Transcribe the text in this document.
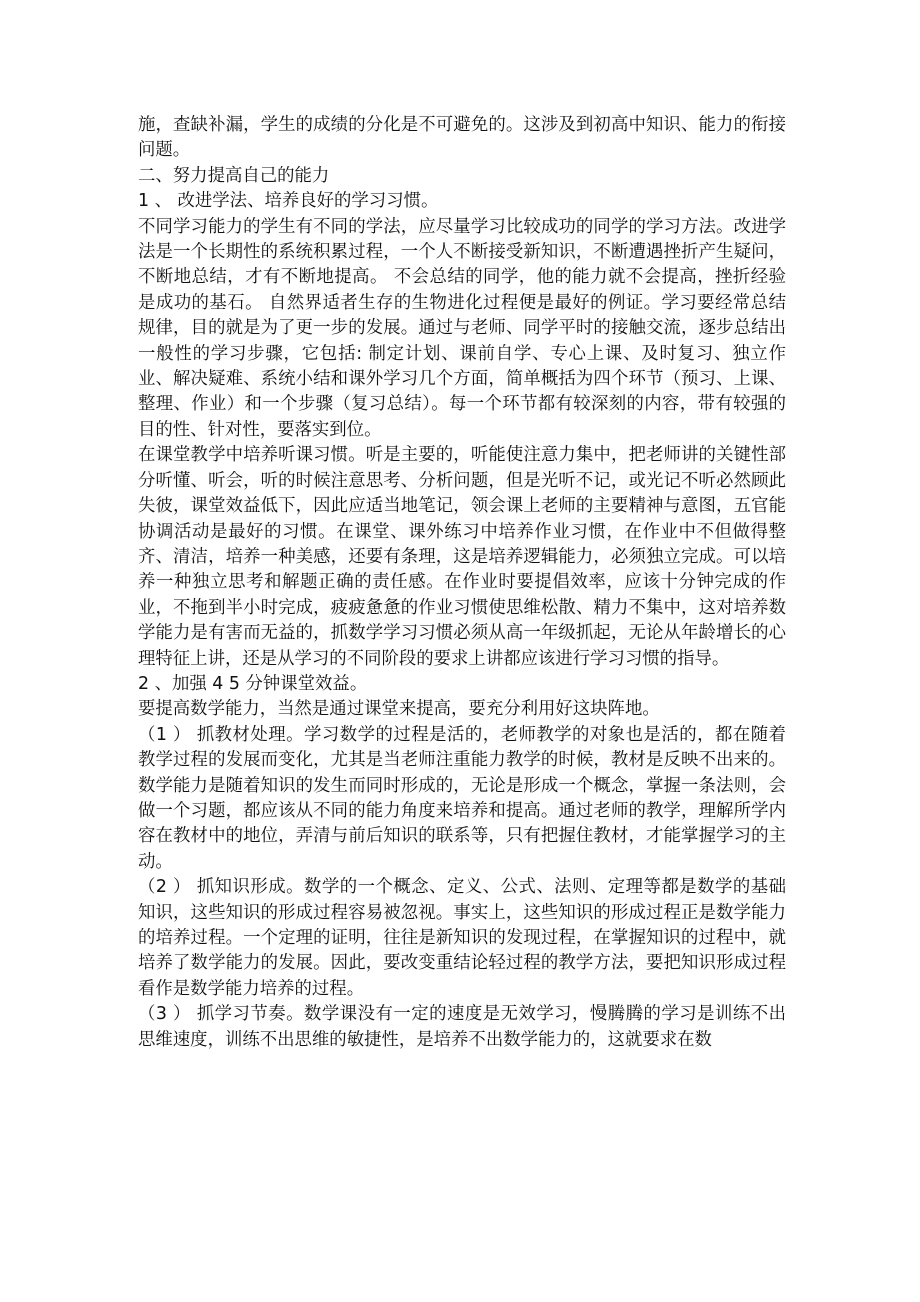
施，查缺补漏，学生的成绩的分化是不可避免的。这涉及到初高中知识、能力的衔接问题。

二、努力提高自己的能力

1 、 改进学法、培养良好的学习习惯。

不同学习能力的学生有不同的学法，应尽量学习比较成功的同学的学习方法。改进学法是一个长期性的系统积累过程，一个人不断接受新知识，不断遭遇挫折产生疑问，不断地总结，才有不断地提高。 不会总结的同学，他的能力就不会提高，挫折经验是成功的基石。 自然界适者生存的生物进化过程便是最好的例证。学习要经常总结规律，目的就是为了更一步的发展。通过与老师、同学平时的接触交流，逐步总结出一般性的学习步骤，它包括: 制定计划、课前自学、专心上课、及时复习、独立作业、解决疑难、系统小结和课外学习几个方面，简单概括为四个环节（预习、上课、整理、作业）和一个步骤（复习总结）。每一个环节都有较深刻的内容，带有较强的目的性、针对性，要落实到位。

在课堂教学中培养听课习惯。听是主要的，听能使注意力集中，把老师讲的关键性部分听懂、听会，听的时候注意思考、分析问题，但是光听不记，或光记不听必然顾此失彼，课堂效益低下，因此应适当地笔记，领会课上老师的主要精神与意图，五官能协调活动是最好的习惯。在课堂、课外练习中培养作业习惯，在作业中不但做得整齐、清洁，培养一种美感，还要有条理，这是培养逻辑能力，必须独立完成。可以培养一种独立思考和解题正确的责任感。在作业时要提倡效率，应该十分钟完成的作业，不拖到半小时完成，疲疲惫惫的作业习惯使思维松散、精力不集中，这对培养数学能力是有害而无益的，抓数学学习习惯必须从高一年级抓起，无论从年龄增长的心理特征上讲，还是从学习的不同阶段的要求上讲都应该进行学习习惯的指导。

2 、加强 4 5 分钟课堂效益。

要提高数学能力，当然是通过课堂来提高，要充分利用好这块阵地。

（1 ） 抓教材处理。学习数学的过程是活的，老师教学的对象也是活的，都在随着教学过程的发展而变化，尤其是当老师注重能力教学的时候，教材是反映不出来的。数学能力是随着知识的发生而同时形成的，无论是形成一个概念，掌握一条法则，会做一个习题，都应该从不同的能力角度来培养和提高。通过老师的教学，理解所学内容在教材中的地位，弄清与前后知识的联系等，只有把握住教材，才能掌握学习的主动。

（2 ） 抓知识形成。数学的一个概念、定义、公式、法则、定理等都是数学的基础知识，这些知识的形成过程容易被忽视。事实上，这些知识的形成过程正是数学能力的培养过程。一个定理的证明，往往是新知识的发现过程，在掌握知识的过程中，就培养了数学能力的发展。因此，要改变重结论轻过程的教学方法，要把知识形成过程看作是数学能力培养的过程。

（3 ） 抓学习节奏。数学课没有一定的速度是无效学习，慢腾腾的学习是训练不出思维速度，训练不出思维的敏捷性，是培养不出数学能力的，这就要求在数
